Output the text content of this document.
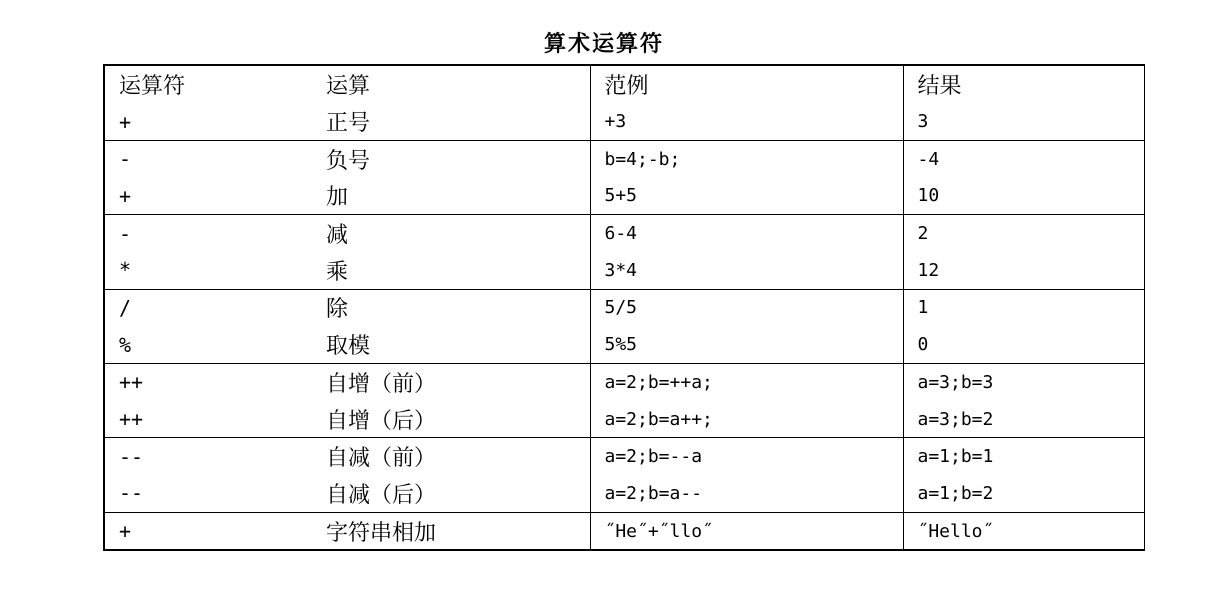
算术运算符
运算符	运算	范例	结果
+	正号	+3	3
-	负号	b=4;-b;	-4
+	加	5+5	10
-	减	6-4	2
*	乘	3*4	12
/	除	5/5	1
%	取模	5%5	0
++	自增（前）	a=2;b=++a;	a=3;b=3
++	自增（后）	a=2;b=a++;	a=3;b=2
--	自减（前）	a=2;b=--a	a=1;b=1
--	自减（后）	a=2;b=a--	a=1;b=2
+	字符串相加	˝He˝+˝llo˝	˝Hello˝
